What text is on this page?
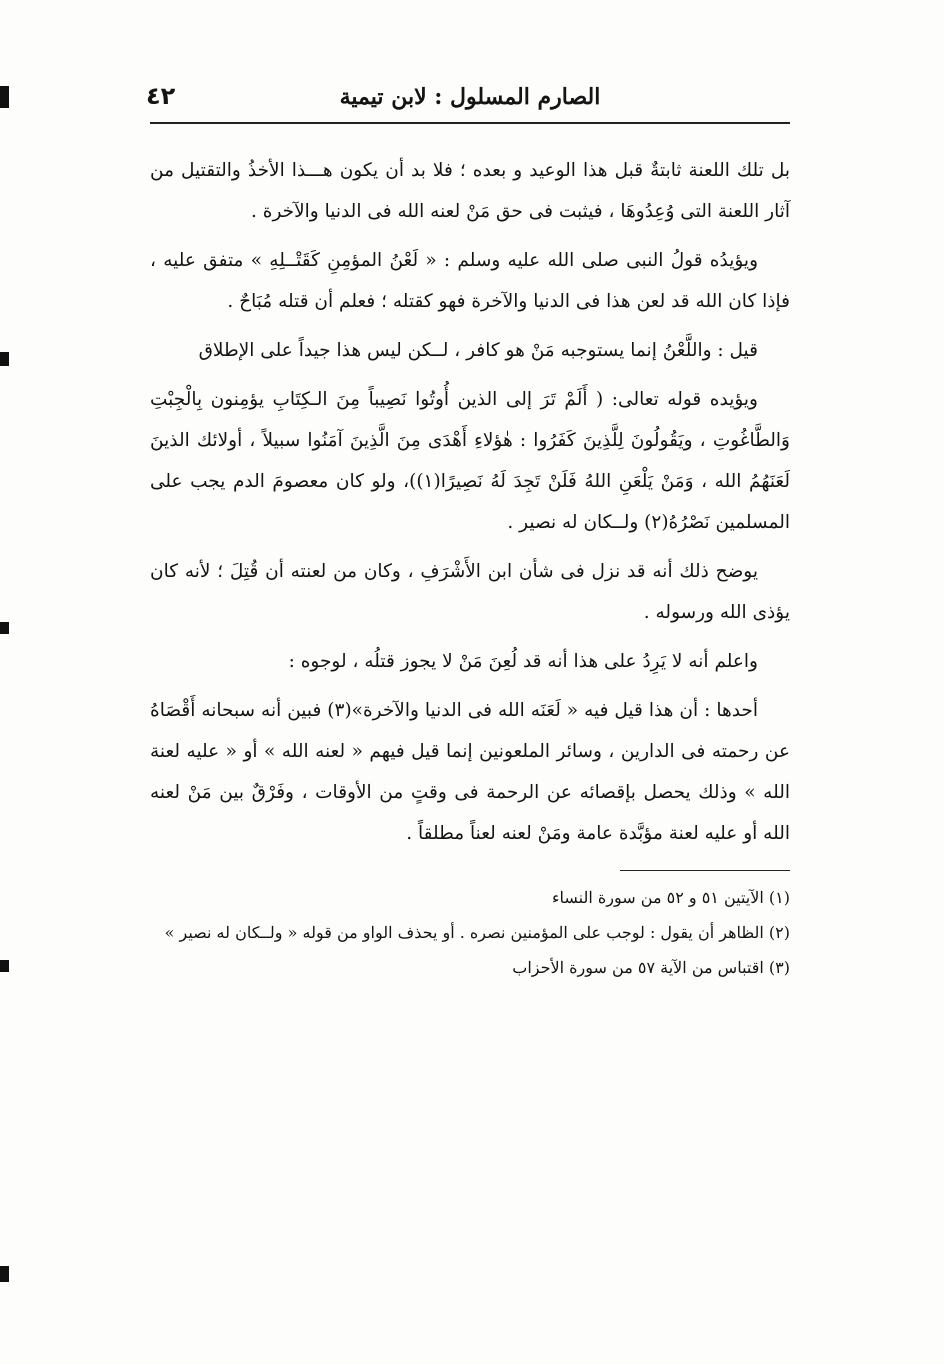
الصارم المسلول : لابن تيمية
٤٢

بل تلك اللعنة ثابتةٌ قبل هذا الوعيد و بعده ؛ فلا بد أن يكون هـــذا الأخذُ والتقتيل من آثار اللعنة التى وُعِدُوهَا ، فيثبت فى حق مَنْ لعنه الله فى الدنيا والآخرة .

ويؤيدُه قولُ النبى صلى الله عليه وسلم : « لَعْنُ المؤمِنِ كَقَتْــلِهِ » متفق عليه ، فإذا كان الله قد لعن هذا فى الدنيا والآخرة فهو كقتله ؛ فعلم أن قتله مُبَاحٌ .

قيل : واللَّعْنُ إنما يستوجبه مَنْ هو كافر ، لــكن ليس هذا جيداً على الإطلاق

ويؤيده قوله تعالى: ( أَلَمْ تَرَ إلى الذين أُوتُوا نَصِيباً مِنَ الـكِتَابِ يؤمِنون بِالْجِبْتِ وَالطَّاغُوتِ ، ويَقُولُونَ لِلَّذِينَ كَفَرُوا : هٰؤلاءِ أَهْدَى مِنَ الَّذِينَ آمَنُوا سبيلاً ، أولائك الذينَ لَعَنَهُمُ الله ، وَمَنْ يَلْعَنِ اللهُ فَلَنْ تَجِدَ لَهُ نَصِيرًا(١))، ولو كان معصومَ الدم يجب على المسلمين نَصْرُهُ(٢) ولــكان له نصير .

يوضح ذلك أنه قد نزل فى شأن ابن الأَشْرَفِ ، وكان من لعنته أن قُتِلَ ؛ لأنه كان يؤذى الله ورسوله .

واعلم أنه لا يَرِدُ على هذا أنه قد لُعِنَ مَنْ لا يجوز قتلُه ، لوجوه :

أحدها : أن هذا قيل فيه « لَعَنَه الله فى الدنيا والآخرة»(٣) فبين أنه سبحانه أَقْصَاهُ عن رحمته فى الدارين ، وسائر الملعونين إنما قيل فيهم « لعنه الله » أو « عليه لعنة الله » وذلك يحصل بإقصائه عن الرحمة فى وقتٍ من الأوقات ، وفَرْقٌ بين مَنْ لعنه الله أو عليه لعنة مؤبَّدة عامة ومَنْ لعنه لعناً مطلقاً .

(١) الآيتين ٥١ و ٥٢ من سورة النساء

(٢) الظاهر أن يقول : لوجب على المؤمنين نصره . أو يحذف الواو من قوله « ولــكان له نصير »

(٣) اقتباس من الآية ٥٧ من سورة الأحزاب
